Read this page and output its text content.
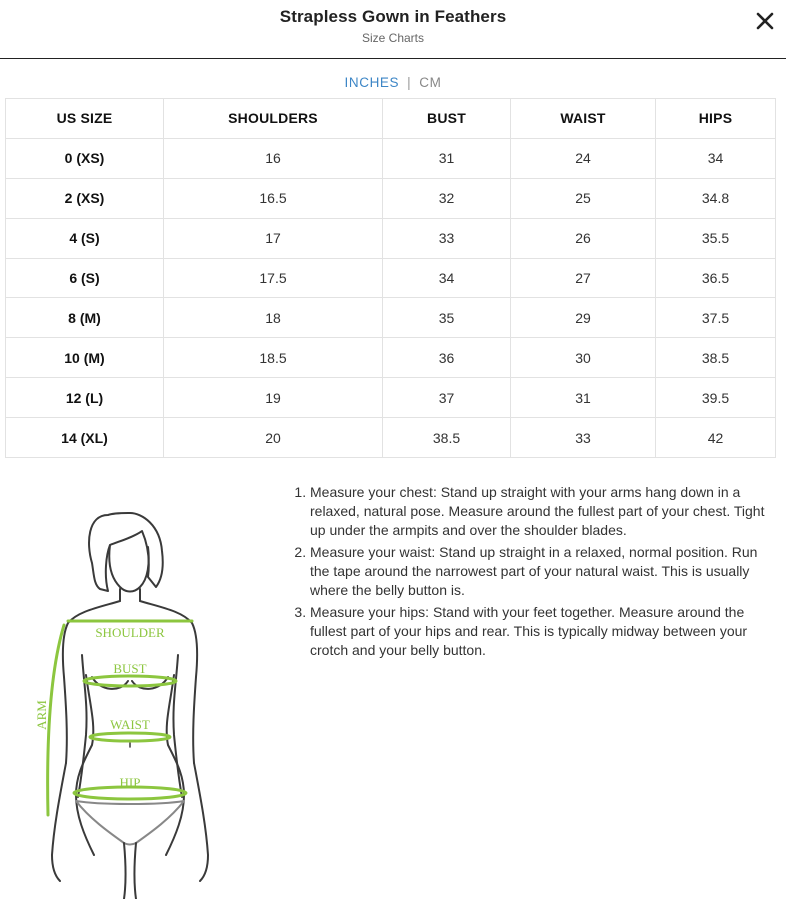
Strapless Gown in Feathers
Size Charts
INCHES | CM
US SIZE	SHOULDERS	BUST	WAIST	HIPS
0 (XS)	16	31	24	34
2 (XS)	16.5	32	25	34.8
4 (S)	17	33	26	35.5
6 (S)	17.5	34	27	36.5
8 (M)	18	35	29	37.5
10 (M)	18.5	36	30	38.5
12 (L)	19	37	31	39.5
14 (XL)	20	38.5	33	42
SHOULDER
BUST
WAIST
HIP
ARM
1. Measure your chest: Stand up straight with your arms hang down in a relaxed, natural pose. Measure around the fullest part of your chest. Tight up under the armpits and over the shoulder blades.
2. Measure your waist: Stand up straight in a relaxed, normal position. Run the tape around the narrowest part of your natural waist. This is usually where the belly button is.
3. Measure your hips: Stand with your feet together. Measure around the fullest part of your hips and rear. This is typically midway between your crotch and your belly button.
